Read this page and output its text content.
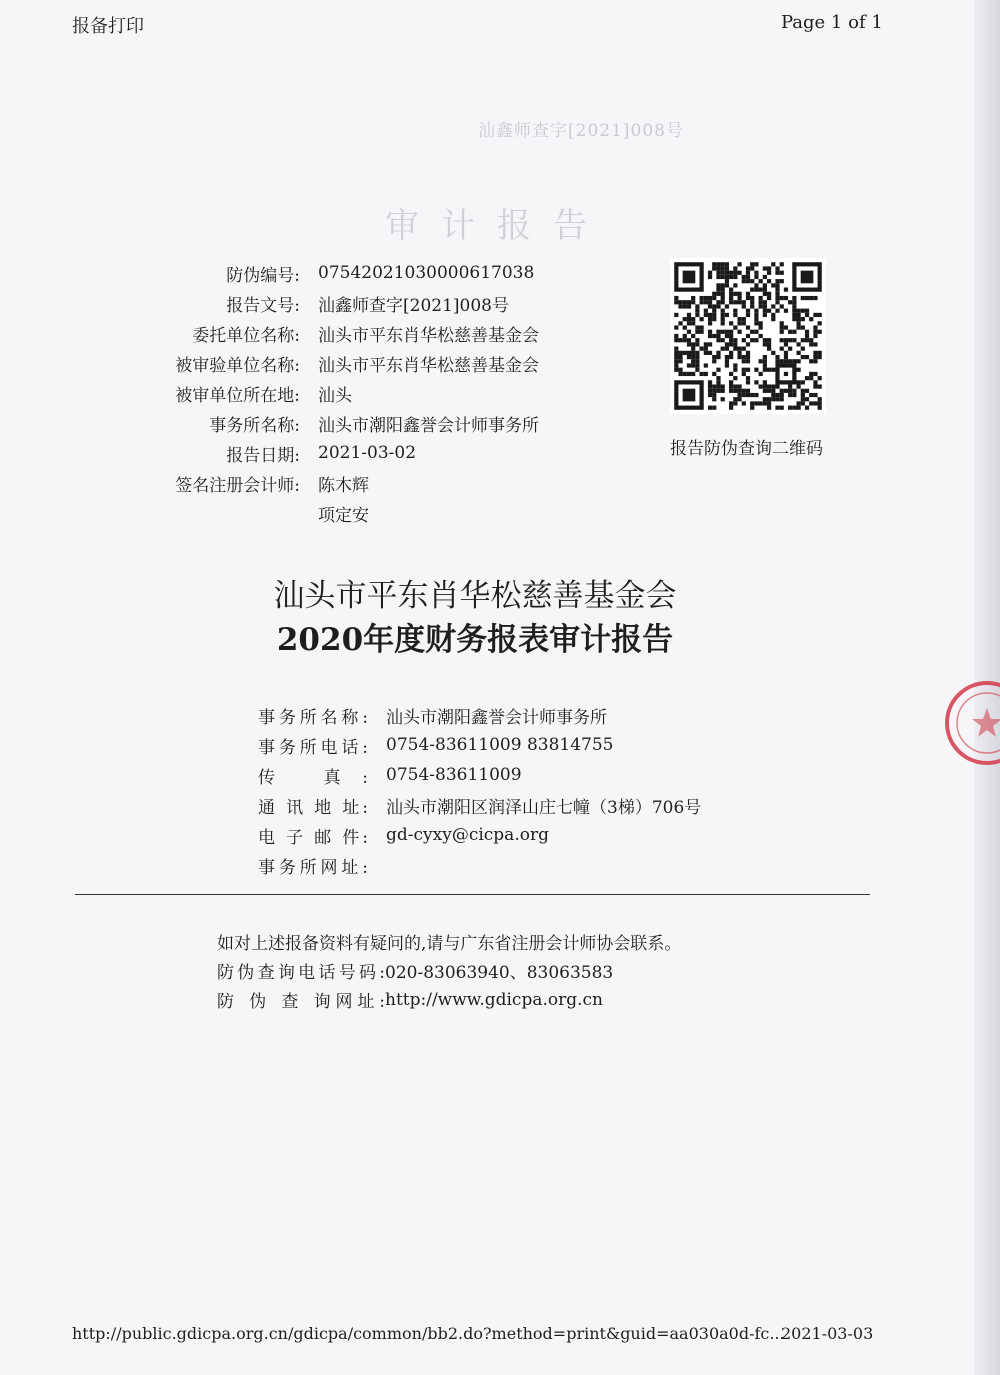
汕鑫师查字[2021]008号
审计报告
报备打印	Page 1 of 1
防伪编号:	07542021030000617038
报告文号:	汕鑫师查字[2021]008号
委托单位名称:	汕头市平东肖华松慈善基金会
被审验单位名称:	汕头市平东肖华松慈善基金会
被审单位所在地:	汕头
事务所名称:	汕头市潮阳鑫誉会计师事务所
报告日期:	2021-03-02
签名注册会计师:	陈木辉
项定安
报告防伪查询二维码
汕头市平东肖华松慈善基金会
2020年度财务报表审计报告
事务所名称: 汕头市潮阳鑫誉会计师事务所
事务所电话: 0754-83611009 83814755
传 真: 0754-83611009
通 讯 地 址: 汕头市潮阳区润泽山庄七幢（3梯）706号
电 子 邮 件: gd-cyxy@cicpa.org
事务所网址:
如对上述报备资料有疑问的,请与广东省注册会计师协会联系。
防伪查询电话号码: 020-83063940、83063583
防 伪 查 询网址: http://www.gdicpa.org.cn
http://public.gdicpa.org.cn/gdicpa/common/bb2.do?method=print&guid=aa030a0d-fc...
2021-03-03
